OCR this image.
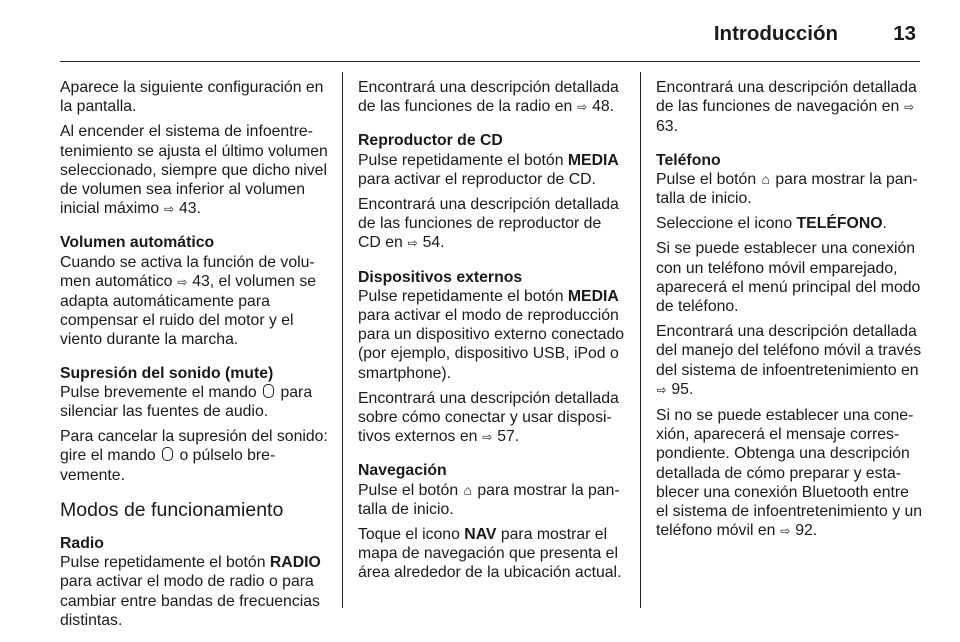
Introducción	13

Aparece la siguiente configuración en la pantalla.

Al encender el sistema de infoentretenimiento se ajusta el último volumen seleccionado, siempre que dicho nivel de volumen sea inferior al volumen inicial máximo ⇨ 43.

Volumen automático

Cuando se activa la función de volumen automático ⇨ 43, el volumen se adapta automáticamente para compensar el ruido del motor y el viento durante la marcha.

Supresión del sonido (mute)

Pulse brevemente el mando para silenciar las fuentes de audio.

Para cancelar la supresión del sonido: gire el mando o púlselo brevemente.

Modos de funcionamiento
Radio

Pulse repetidamente el botón RADIO para activar el modo de radio o para cambiar entre bandas de frecuencias distintas.

Encontrará una descripción detallada de las funciones de la radio en ⇨ 48.

Reproductor de CD

Pulse repetidamente el botón MEDIA para activar el reproductor de CD.

Encontrará una descripción detallada de las funciones de reproductor de CD en ⇨ 54.

Dispositivos externos

Pulse repetidamente el botón MEDIA para activar el modo de reproducción para un dispositivo externo conectado (por ejemplo, dispositivo USB, iPod o smartphone).

Encontrará una descripción detallada sobre cómo conectar y usar dispositivos externos en ⇨ 57.

Navegación

Pulse el botón ⌂ para mostrar la pantalla de inicio.

Toque el icono NAV para mostrar el mapa de navegación que presenta el área alrededor de la ubicación actual.

Encontrará una descripción detallada de las funciones de navegación en ⇨ 63.

Teléfono

Pulse el botón ⌂ para mostrar la pantalla de inicio.

Seleccione el icono TELÉFONO.

Si se puede establecer una conexión con un teléfono móvil emparejado, aparecerá el menú principal del modo de teléfono.

Encontrará una descripción detallada del manejo del teléfono móvil a través del sistema de infoentretenimiento en ⇨ 95.

Si no se puede establecer una conexión, aparecerá el mensaje correspondiente. Obtenga una descripción detallada de cómo preparar y establecer una conexión Bluetooth entre el sistema de infoentretenimiento y un teléfono móvil en ⇨ 92.
